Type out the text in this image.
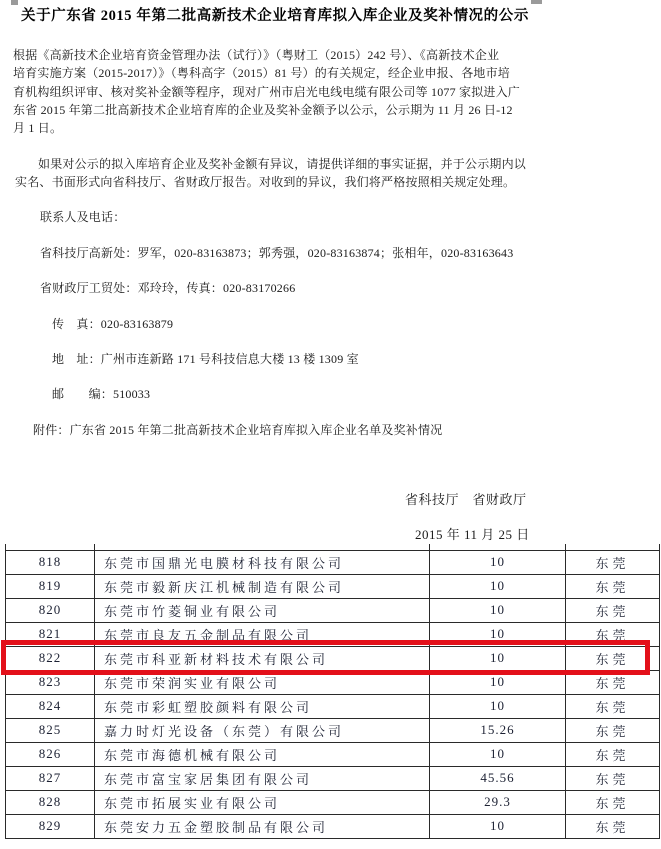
关于广东省 2015 年第二批高新技术企业培育库拟入库企业及奖补情况的公示
根据《高新技术企业培育资金管理办法（试行）》（粤财工（2015）242 号）、《高新技术企业
培育实施方案（2015-2017）》（粤科高字（2015）81 号）的有关规定，经企业申报、各地市培
育机构组织评审、核对奖补金额等程序，现对广州市启光电线电缆有限公司等 1077 家拟进入广
东省 2015 年第二批高新技术企业培育库的企业及奖补金额予以公示，公示期为 11 月 26 日-12
月 1 日。
如果对公示的拟入库培育企业及奖补金额有异议，请提供详细的事实证据，并于公示期内以
实名、书面形式向省科技厅、省财政厅报告。对收到的异议，我们将严格按照相关规定处理。
联系人及电话：
省科技厅高新处：罗军，020-83163873；郭秀强，020-83163874；张相年，020-83163643
省财政厅工贸处：邓玲玲，传真：020-83170266
传　真：020-83163879
地　址：广州市连新路 171 号科技信息大楼 13 楼 1309 室
邮　　编：510033
附件：广东省 2015 年第二批高新技术企业培育库拟入库企业名单及奖补情况
省科技厅　省财政厅
2015 年 11 月 25 日

818	东莞市国鼎光电膜材科技有限公司	10	东莞
819	东莞市毅新庆江机械制造有限公司	10	东莞
820	东莞市竹菱铜业有限公司	10	东莞
821	东莞市良友五金制品有限公司	10	东莞
822	东莞市科亚新材料技术有限公司	10	东莞
823	东莞市荣润实业有限公司	10	东莞
824	东莞市彩虹塑胶颜料有限公司	10	东莞
825	嘉力时灯光设备（东莞）有限公司	15.26	东莞
826	东莞市海德机械有限公司	10	东莞
827	东莞市富宝家居集团有限公司	45.56	东莞
828	东莞市拓展实业有限公司	29.3	东莞
829	东莞安力五金塑胶制品有限公司	10	东莞
